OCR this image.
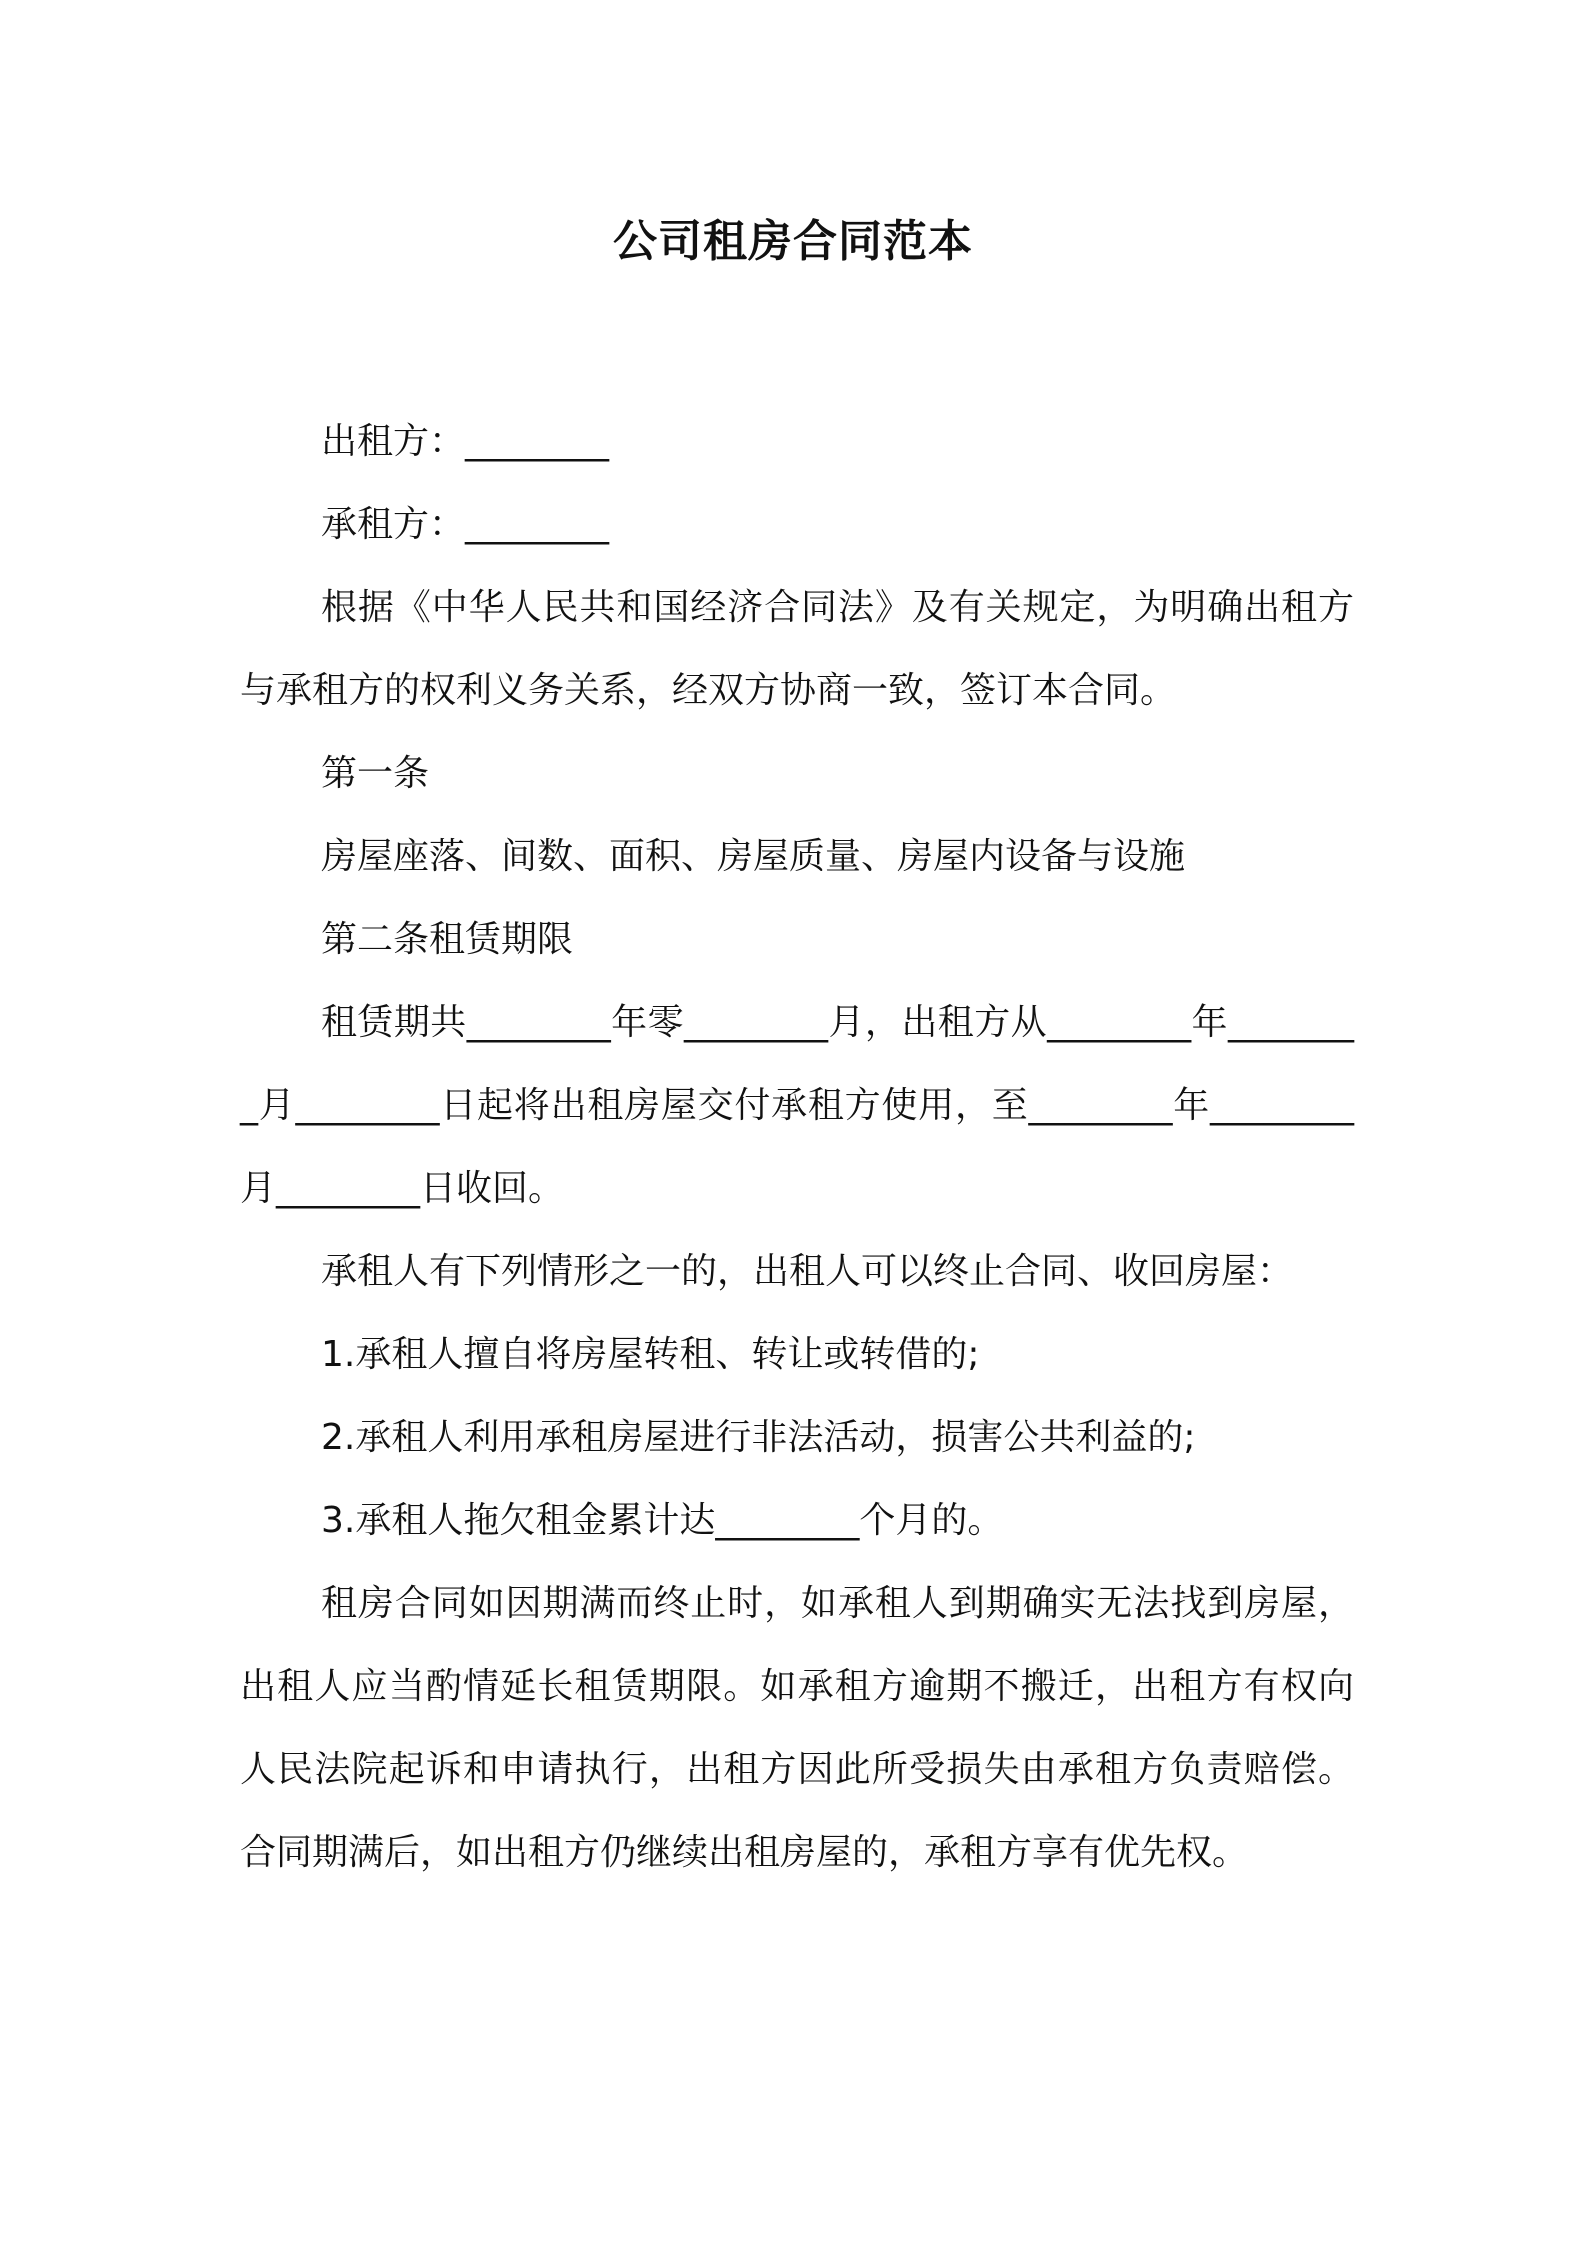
公司租房合同范本

出租方：________

承租方：________

根据《中华人民共和国经济合同法》及有关规定，为明确出租方与承租方的权利义务关系，经双方协商一致，签订本合同。

第一条

房屋座落、间数、面积、房屋质量、房屋内设备与设施

第二条租赁期限

租赁期共________年零________月，出租方从________年________月________日起将出租房屋交付承租方使用，至________年________月________日收回。

承租人有下列情形之一的，出租人可以终止合同、收回房屋：

1.承租人擅自将房屋转租、转让或转借的;

2.承租人利用承租房屋进行非法活动，损害公共利益的;

3.承租人拖欠租金累计达________个月的。

租房合同如因期满而终止时，如承租人到期确实无法找到房屋，出租人应当酌情延长租赁期限。如承租方逾期不搬迁，出租方有权向人民法院起诉和申请执行，出租方因此所受损失由承租方负责赔偿。合同期满后，如出租方仍继续出租房屋的，承租方享有优先权。
